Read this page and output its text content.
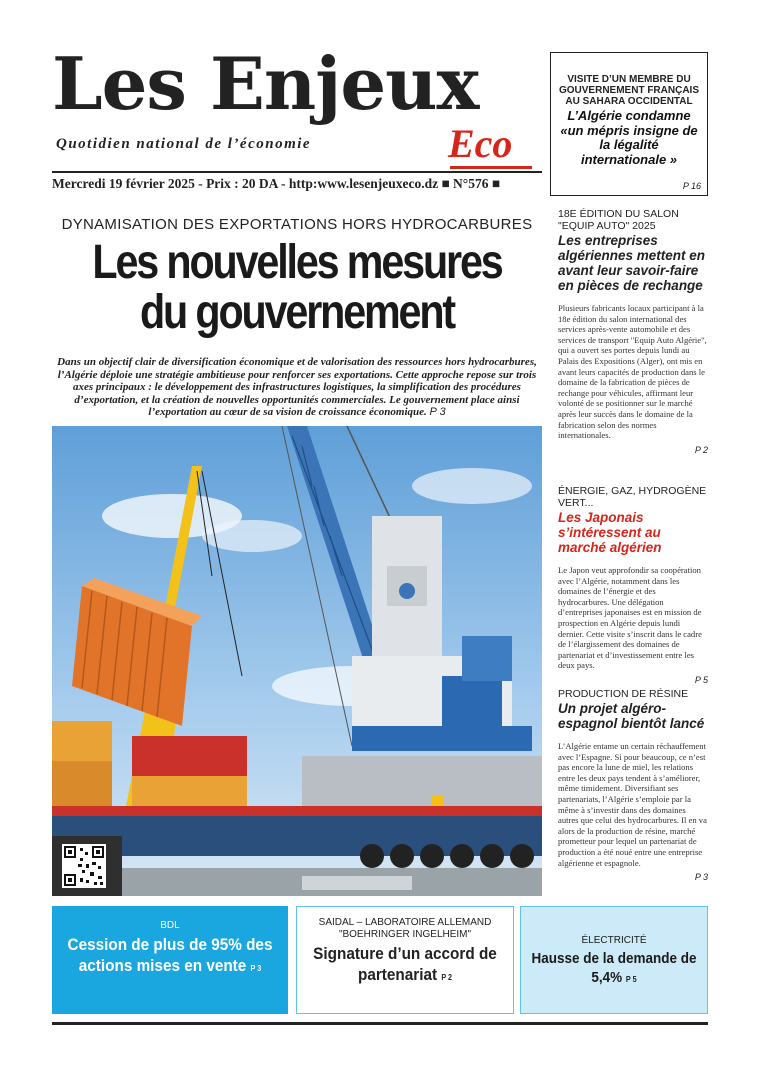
Les Enjeux
Quotidien national de l’économie	Eco
Mercredi 19 février 2025 - Prix : 20 DA - http:www.lesenjeuxeco.dz ■ N°576 ■
VISITE D’UN MEMBRE DU GOUVERNEMENT FRANÇAIS AU SAHARA OCCIDENTAL
L’Algérie condamne «un mépris insigne de la légalité internationale »
P 16
DYNAMISATION DES EXPORTATIONS HORS HYDROCARBURES
Les nouvelles mesures du gouvernement
Dans un objectif clair de diversification économique et de valorisation des ressources hors hydrocarbures, l’Algérie déploie une stratégie ambitieuse pour renforcer ses exportations. Cette approche repose sur trois axes principaux : le développement des infrastructures logistiques, la simplification des procédures d’exportation, et la création de nouvelles opportunités commerciales. Le gouvernement place ainsi l’exportation au cœur de sa vision de croissance économique. P 3
18E ÉDITION DU SALON "EQUIP AUTO" 2025
Les entreprises algériennes mettent en avant leur savoir-faire en pièces de rechange
Plusieurs fabricants locaux participant à la 18e édition du salon international des services après-vente automobile et des services de transport "Equip Auto Algérie", qui a ouvert ses portes depuis lundi au Palais des Expositions (Alger), ont mis en avant leurs capacités de production dans le domaine de la fabrication de pièces de rechange pour véhicules, affirmant leur volonté de se positionner sur le marché après leur succès dans le domaine de la fabrication selon des normes internationales.
P 2
ÉNERGIE, GAZ, HYDROGÈNE VERT...
Les Japonais s’intéressent au marché algérien
Le Japon veut approfondir sa coopération avec l’Algérie, notamment dans les domaines de l’énergie et des hydrocarbures. Une délégation d’entreprises japonaises est en mission de prospection en Algérie depuis lundi dernier. Cette visite s’inscrit dans le cadre de l’élargissement des domaines de partenariat et d’investissement entre les deux pays.
P 5
PRODUCTION DE RÉSINE
Un projet algéro-espagnol bientôt lancé
L’Algérie entame un certain réchauffement avec l’Espagne. Si pour beaucoup, ce n’est pas encore la lune de miel, les relations entre les deux pays tendent à s’améliorer, même timidement. Diversifiant ses partenariats, l’Algérie s’emploie par la même à s’investir dans des domaines autres que celui des hydrocarbures. Il en va alors de la production de résine, marché prometteur pour lequel un partenariat de production a été noué entre une entreprise algérienne et espagnole.
P 3
BDL
Cession de plus de 95% des actions mises en vente P 3
SAIDAL – LABORATOIRE ALLEMAND "BOEHRINGER INGELHEIM"
Signature d’un accord de partenariat P 2
ÉLECTRICITÉ
Hausse de la demande de 5,4% P 5
